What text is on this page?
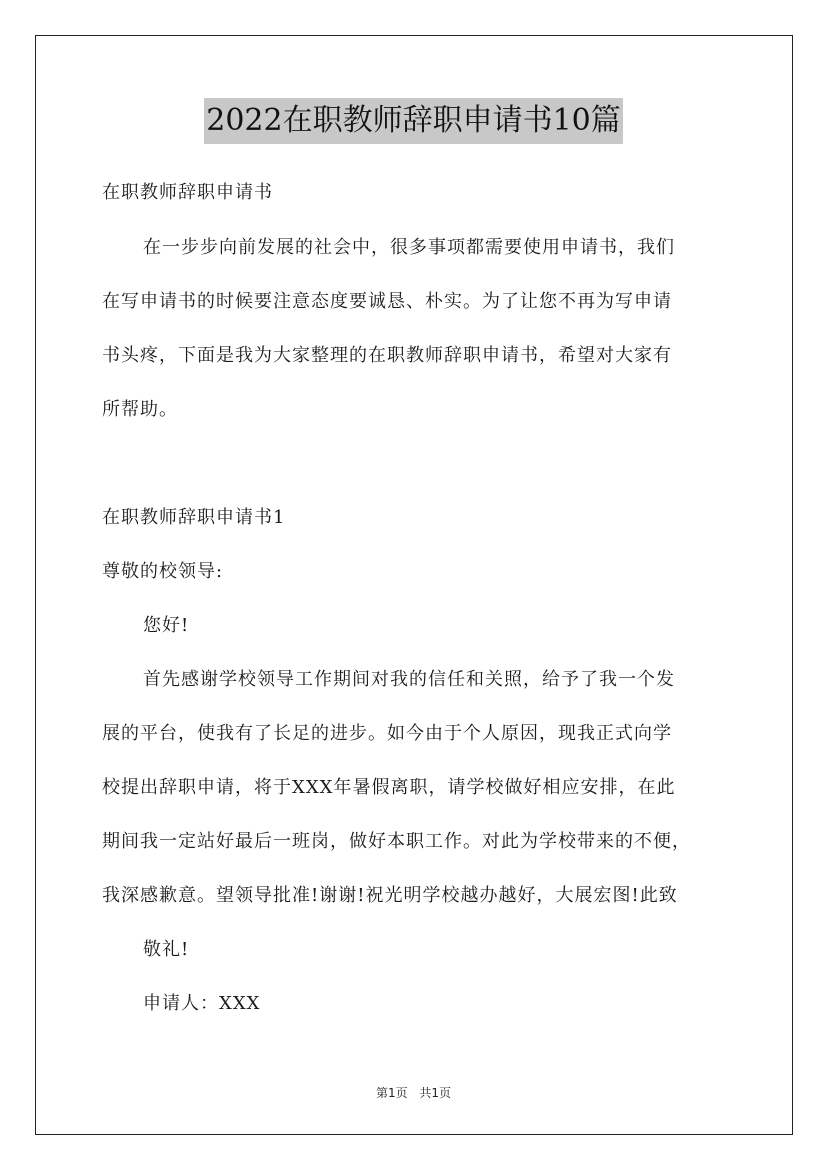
2022在职教师辞职申请书10篇
在职教师辞职申请书
在一步步向前发展的社会中，很多事项都需要使用申请书，我们
在写申请书的时候要注意态度要诚恳、朴实。为了让您不再为写申请
书头疼，下面是我为大家整理的在职教师辞职申请书，希望对大家有
所帮助。
在职教师辞职申请书1
尊敬的校领导:
您好!
首先感谢学校领导工作期间对我的信任和关照，给予了我一个发
展的平台，使我有了长足的进步。如今由于个人原因，现我正式向学
校提出辞职申请，将于XXX年暑假离职，请学校做好相应安排，在此
期间我一定站好最后一班岗，做好本职工作。对此为学校带来的不便，
我深感歉意。望领导批准!谢谢!祝光明学校越办越好，大展宏图!此致
敬礼!
申请人：XXX
第1页 共1页
